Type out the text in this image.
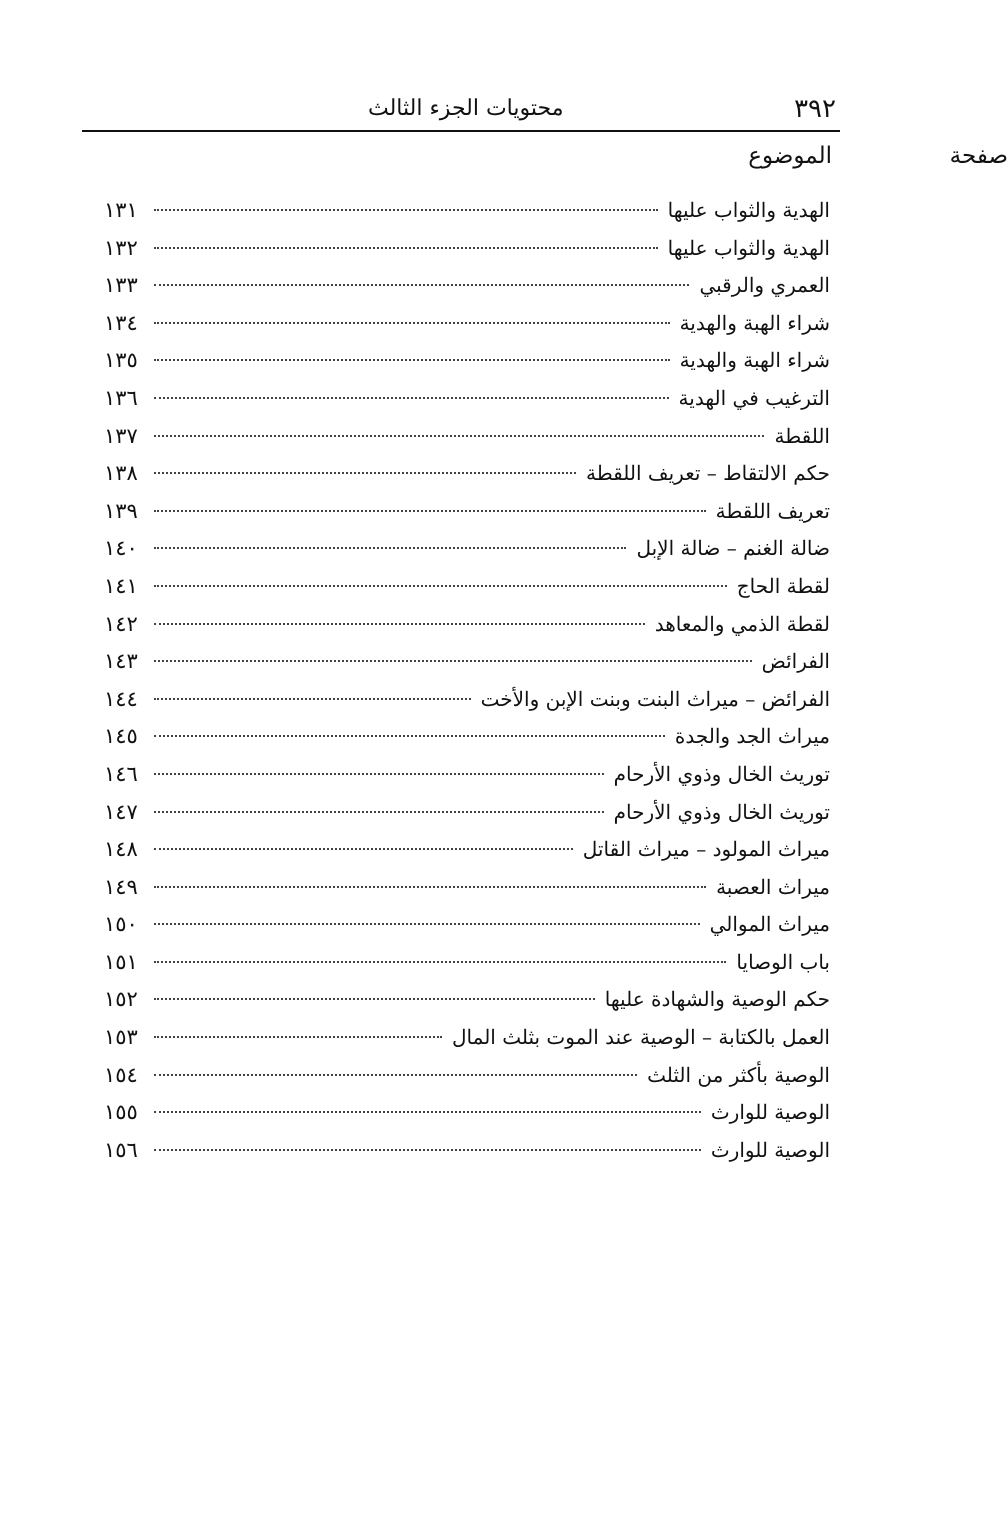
٣٩٢
محتويات الجزء الثالث
الموضوع	صفحة
الهدية والثواب عليها
١٣١
الهدية والثواب عليها
١٣٢
العمري والرقبي
١٣٣
شراء الهبة والهدية
١٣٤
شراء الهبة والهدية
١٣٥
الترغيب في الهدية
١٣٦
اللقطة
١٣٧
حكم الالتقاط – تعريف اللقطة
١٣٨
تعريف اللقطة
١٣٩
ضالة الغنم – ضالة الإبل
١٤٠
لقطة الحاج
١٤١
لقطة الذمي والمعاهد
١٤٢
الفرائض
١٤٣
الفرائض – ميراث البنت وبنت الإبن والأخت
١٤٤
ميراث الجد والجدة
١٤٥
توريث الخال وذوي الأرحام
١٤٦
توريث الخال وذوي الأرحام
١٤٧
ميراث المولود – ميراث القاتل
١٤٨
ميراث العصبة
١٤٩
ميراث الموالي
١٥٠
باب الوصايا
١٥١
حكم الوصية والشهادة عليها
١٥٢
العمل بالكتابة – الوصية عند الموت بثلث المال
١٥٣
الوصية بأكثر من الثلث
١٥٤
الوصية للوارث
١٥٥
الوصية للوارث
١٥٦
